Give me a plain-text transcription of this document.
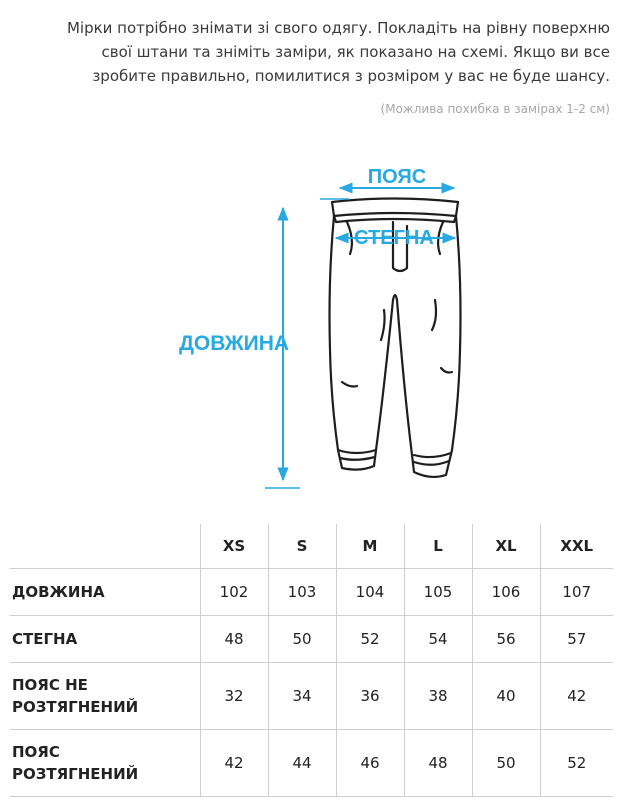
Мірки потрібно знімати зі свого одягу. Покладіть на рівну поверхню

свої штани та зніміть заміри, як показано на схемі. Якщо ви все

зробите правильно, помилитися з розміром у вас не буде шансу.

(Можлива похибка в замірах 1-2 см)
ПОЯС
СТЕГНА
ДОВЖИНА
	XS	S	M	L	XL	XXL
ДОВЖИНА	102	103	104	105	106	107
СТЕГНА	48	50	52	54	56	57
ПОЯС НЕ
РОЗТЯГНЕНИЙ	32	34	36	38	40	42
ПОЯС
РОЗТЯГНЕНИЙ	42	44	46	48	50	52
